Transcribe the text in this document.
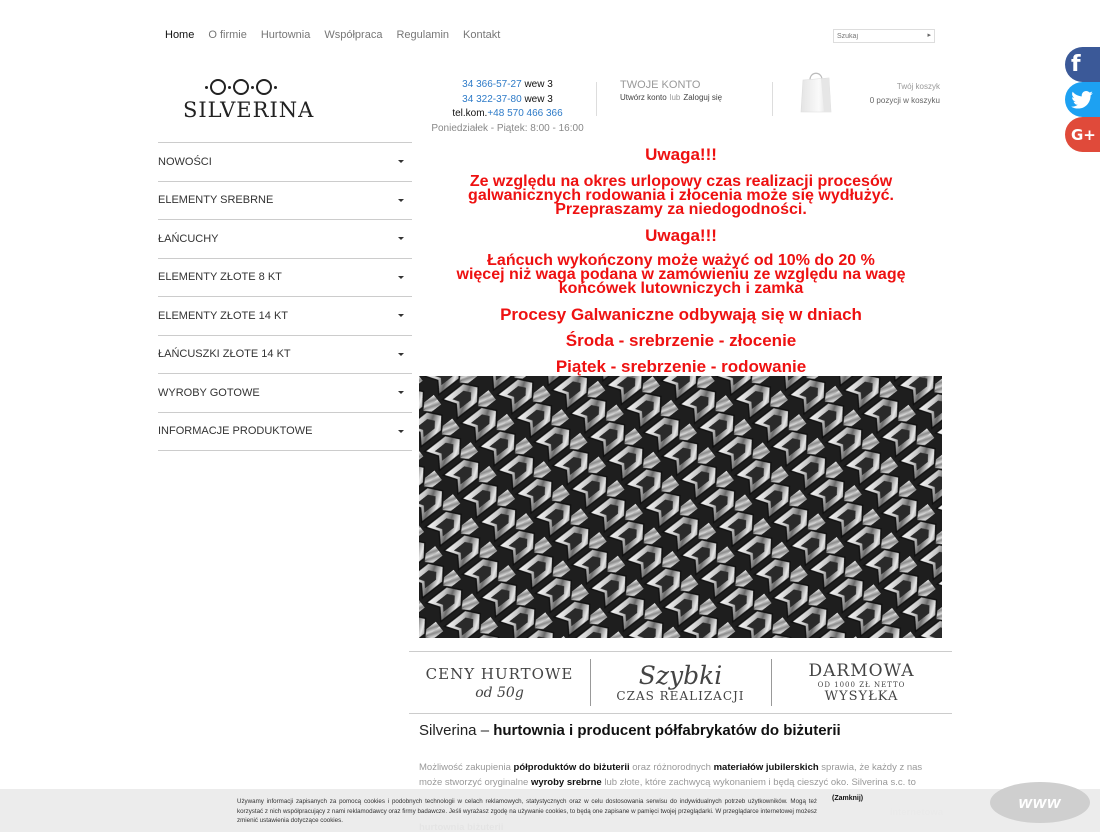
Home O firmie Hurtownia Współpraca Regulamin Kontakt
Szukaj	▸
SILVERINA
34 366-57-27 wew 3
34 322-37-80 wew 3
tel.kom.+48 570 466 366
Poniedziałek - Piątek: 8:00 - 16:00
TWOJE KONTO
Utwórz konto lub Zaloguj się
Twój koszyk
0 pozycji w koszyku
NOWOŚCI
ELEMENTY SREBRNE
ŁAŃCUCHY
ELEMENTY ZŁOTE 8 KT
ELEMENTY ZŁOTE 14 KT
ŁAŃCUSZKI ZŁOTE 14 KT
WYROBY GOTOWE
INFORMACJE PRODUKTOWE
Uwaga!!!
Ze względu na okres urlopowy czas realizacji procesów
galwanicznych rodowania i złocenia może się wydłużyć.
Przepraszamy za niedogodności.
Uwaga!!!
Łańcuch wykończony może ważyć od 10% do 20 %
więcej niż waga podana w zamówieniu ze względu na wagę
końcówek lutowniczych i zamka
Procesy Galwaniczne odbywają się w dniach
Środa - srebrzenie - złocenie
Piątek - srebrzenie - rodowanie
CENY HURTOWE
od 50g
Szybki
CZAS REALIZACJI
DARMOWA
OD 1000 ZŁ NETTO
WYSYŁKA
Silverina – hurtownia i producent półfabrykatów do biżuterii
Możliwość zakupienia półproduktów do biżuterii oraz różnorodnych materiałów jubilerskich sprawia, że każdy z nas może stworzyć oryginalne wyroby srebrne lub złote, które zachwycą wykonaniem i będą cieszyć oko. Silverina s.c. to
f
G+
Używamy informacji zapisanych za pomocą cookies i podobnych technologii w celach reklamowych, statystycznych oraz w celu dostosowania serwisu do indywidualnych potrzeb użytkowników. Mogą też korzystać z nich współpracujący z nami reklamodawcy oraz firmy badawcze. Jeśli wyrażasz zgodę na używanie cookies, to będą one zapisane w pamięci twojej przeglądarki. W przeglądarce internetowej możesz zmienić ustawienia dotyczące cookies.
(Zamknij)	www
